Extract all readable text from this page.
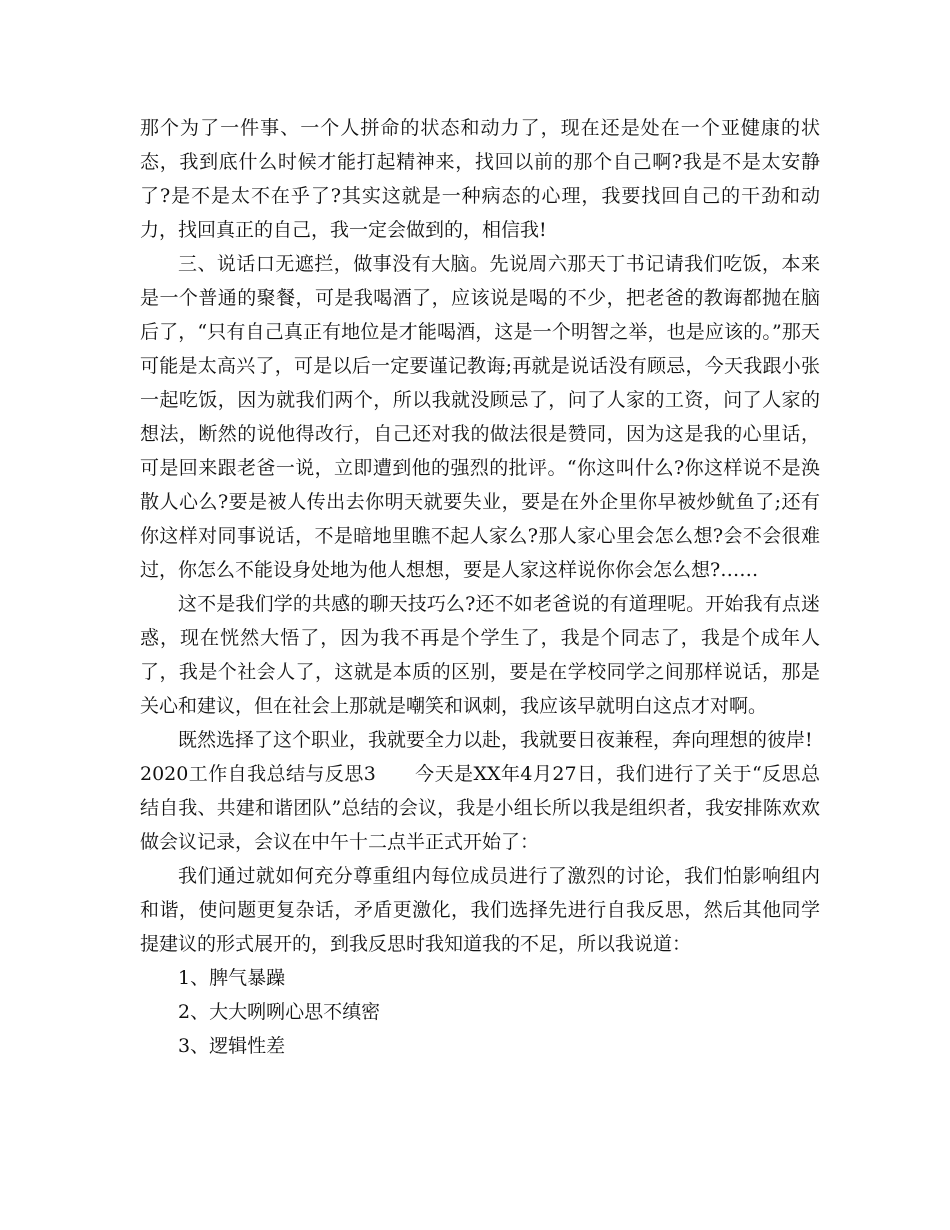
那个为了一件事、一个人拼命的状态和动力了，现在还是处在一个亚健康的状态，我到底什么时候才能打起精神来，找回以前的那个自己啊?我是不是太安静了?是不是太不在乎了?其实这就是一种病态的心理，我要找回自己的干劲和动力，找回真正的自己，我一定会做到的，相信我!

三、说话口无遮拦，做事没有大脑。先说周六那天丁书记请我们吃饭，本来是一个普通的聚餐，可是我喝酒了，应该说是喝的不少，把老爸的教诲都抛在脑后了，“只有自己真正有地位是才能喝酒，这是一个明智之举，也是应该的。”那天可能是太高兴了，可是以后一定要谨记教诲;再就是说话没有顾忌，今天我跟小张一起吃饭，因为就我们两个，所以我就没顾忌了，问了人家的工资，问了人家的想法，断然的说他得改行，自己还对我的做法很是赞同，因为这是我的心里话，可是回来跟老爸一说，立即遭到他的强烈的批评。“你这叫什么?你这样说不是涣散人心么?要是被人传出去你明天就要失业，要是在外企里你早被炒鱿鱼了;还有你这样对同事说话，不是暗地里瞧不起人家么?那人家心里会怎么想?会不会很难过，你怎么不能设身处地为他人想想，要是人家这样说你你会怎么想?……

这不是我们学的共感的聊天技巧么?还不如老爸说的有道理呢。开始我有点迷惑，现在恍然大悟了，因为我不再是个学生了，我是个同志了，我是个成年人了，我是个社会人了，这就是本质的区别，要是在学校同学之间那样说话，那是关心和建议，但在社会上那就是嘲笑和讽刺，我应该早就明白这点才对啊。

既然选择了这个职业，我就要全力以赴，我就要日夜兼程，奔向理想的彼岸!

2020工作自我总结与反思3　　今天是XX年4月27日，我们进行了关于“反思总结自我、共建和谐团队”总结的会议，我是小组长所以我是组织者，我安排陈欢欢做会议记录，会议在中午十二点半正式开始了：

我们通过就如何充分尊重组内每位成员进行了激烈的讨论，我们怕影响组内和谐，使问题更复杂话，矛盾更激化，我们选择先进行自我反思，然后其他同学提建议的形式展开的，到我反思时我知道我的不足，所以我说道：

1、脾气暴躁

2、大大咧咧心思不缜密

3、逻辑性差
